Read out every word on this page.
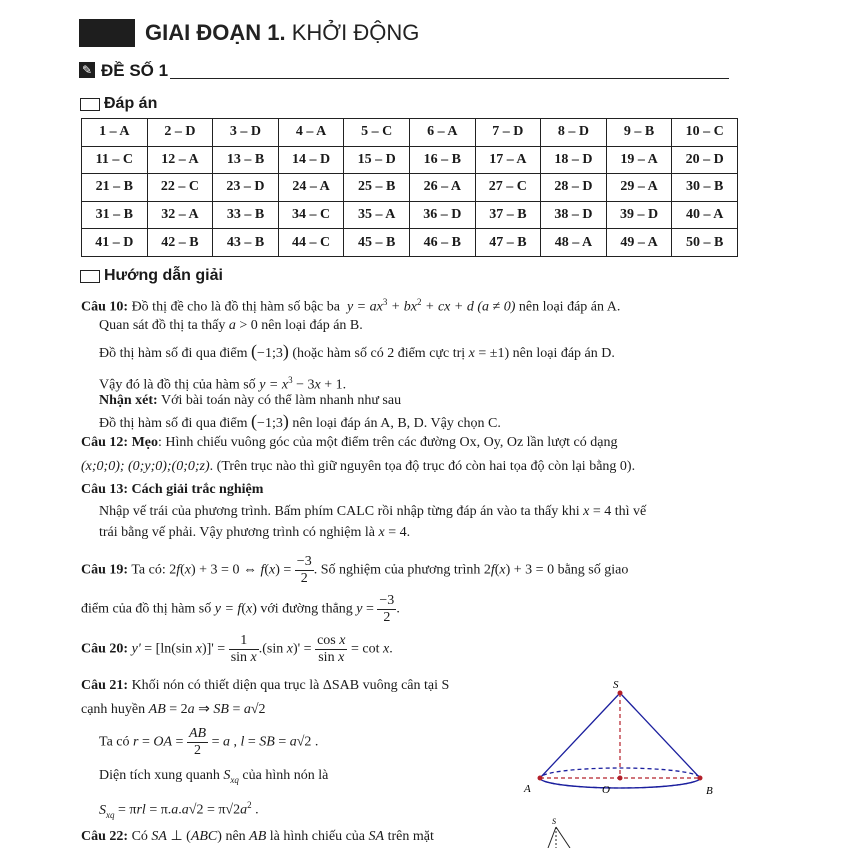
GIAI ĐOẠN 1. KHỞI ĐỘNG
✎ ĐỀ SỐ 1
Đáp án
1 – A	2 – D	3 – D	4 – A	5 – C	6 – A	7 – D	8 – D	9 – B	10 – C
11 – C	12 – A	13 – B	14 – D	15 – D	16 – B	17 – A	18 – D	19 – A	20 – D
21 – B	22 – C	23 – D	24 – A	25 – B	26 – A	27 – C	28 – D	29 – A	30 – B
31 – B	32 – A	33 – B	34 – C	35 – A	36 – D	37 – B	38 – D	39 – D	40 – A
41 – D	42 – B	43 – B	44 – C	45 – B	46 – B	47 – B	48 – A	49 – A	50 – B
Hướng dẫn giải
Câu 10: Đồ thị đề cho là đồ thị hàm số bậc ba  $y = ax^3 + bx^2$ + cx + d (a ≠ 0) nên loại đáp án A.
Quan sát đồ thị ta thấy a > 0 nên loại đáp án B.
Đồ thị hàm số đi qua điểm (−1;3) (hoặc hàm số có 2 điểm cực trị x = ±1) nên loại đáp án D.
Vậy đó là đồ thị của hàm số $y = x^3 - 3x + 1$.
Nhận xét: Với bài toán này có thể làm nhanh như sau
Đồ thị hàm số đi qua điểm (−1;3) nên loại đáp án A, B, D. Vậy chọn C.
Câu 12: Mẹo: Hình chiếu vuông góc của một điểm trên các đường Ox, Oy, Oz lần lượt có dạng
(x;0;0); (0;y;0);(0;0;z). (Trên trục nào thì giữ nguyên tọa độ trục đó còn hai tọa độ còn lại bằng 0).
Câu 13: Cách giải trắc nghiệm
Nhập vế trái của phương trình. Bấm phím CALC rồi nhập từng đáp án vào ta thấy khi x = 4 thì vế
trái bằng vế phải. Vậy phương trình có nghiệm là x = 4.
Câu 19: Ta có: 2f(x) + 3 = 0 ⇔ $f(x) = \frac{-3}{2}$ . Số nghiệm của phương trình 2f(x) + 3 = 0 bằng số giao
điểm của đồ thị hàm số y = f(x) với đường thẳng $y = \frac{-3}{2}$ .
Câu 20: y' = [ln(sin $x)]' = \frac{1}{\text{sin x}} .(\sin$ $x)' = \frac{\text{cos x}}{\text{sin x}} = \cot x$.
Câu 21: Khối nón có thiết diện qua trục là ΔSAB vuông cân tại S
cạnh huyền AB = 2a ⇒ SB = a√2
Ta có r = OA = $\frac{AB}{2} = a$ , l = SB = a√2 .
Diện tích xung quanh $S_{xq}$ của hình nón là
$S_{xq} = \pi rl = \pi.a.a√2 = \pi√2a^2$ .
Câu 22: Có SA ⊥ (ABC) nên AB là hình chiếu của SA trên mặt
S
A	O	B
S
